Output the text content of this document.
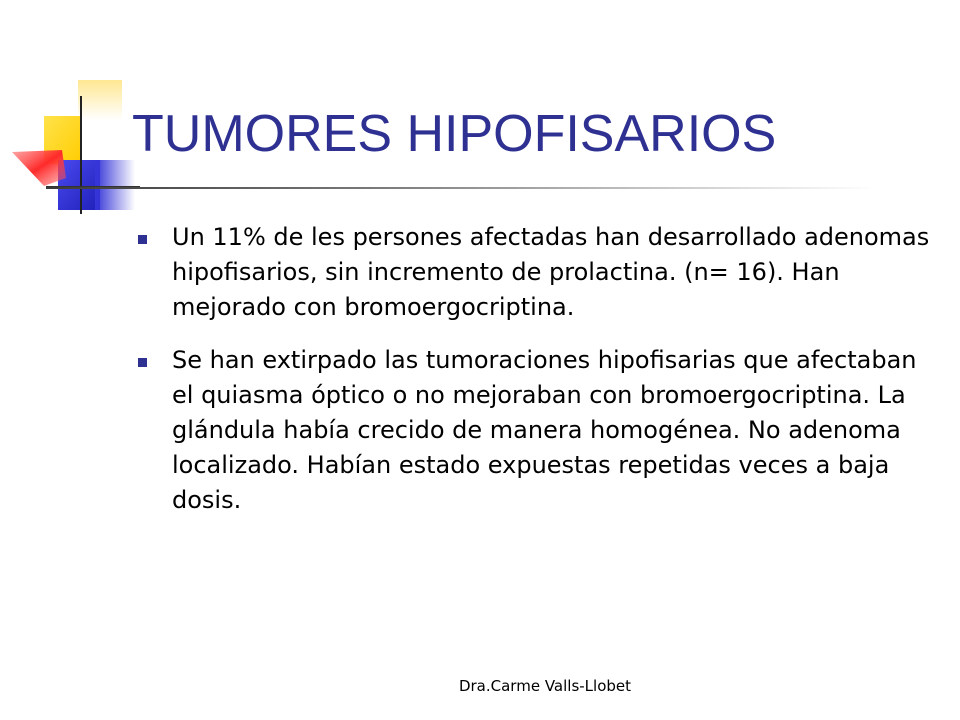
TUMORES HIPOFISARIOS
Un 11% de les persones afectadas han desarrollado adenomas hipofisarios, sin incremento de prolactina. (n= 16). Han mejorado con bromoergocriptina.
Se han extirpado las tumoraciones hipofisarias que afectaban el quiasma óptico o no mejoraban con bromoergocriptina. La glándula había crecido de manera homogénea. No adenoma localizado. Habían estado expuestas repetidas veces a baja dosis.
Dra.Carme Valls-Llobet
